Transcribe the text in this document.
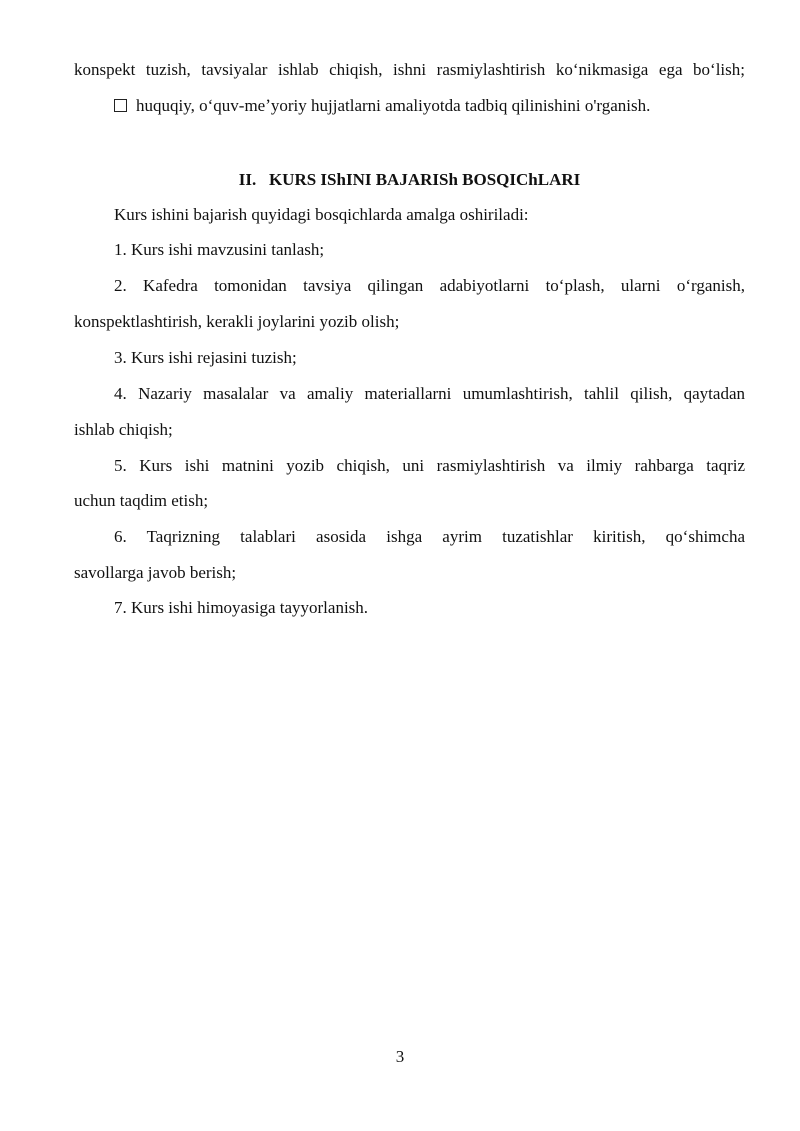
konspekt tuzish, tavsiyalar ishlab chiqish, ishni rasmiylashtirish koʻnikmasiga ega boʻlish;
huquqiy, oʻquv-meʼyoriy hujjatlarni amaliyotda tadbiq qilinishini o'rganish.
II.   KURS IShINI BAJARISh BOSQIChLARI
Kurs ishini bajarish quyidagi bosqichlarda amalga oshiriladi:
1. Kurs ishi mavzusini tanlash;
2. Kafedra tomonidan tavsiya qilingan adabiyotlarni toʻplash, ularni oʻrganish,
konspektlashtirish, kerakli joylarini yozib olish;
3. Kurs ishi rejasini tuzish;
4. Nazariy masalalar va amaliy materiallarni umumlashtirish, tahlil qilish, qaytadan
ishlab chiqish;
5. Kurs ishi matnini yozib chiqish, uni rasmiylashtirish va ilmiy rahbarga taqriz
uchun taqdim etish;
6. Taqrizning talablari asosida ishga ayrim tuzatishlar kiritish, qoʻshimcha
savollarga javob berish;
7. Kurs ishi himoyasiga tayyorlanish.
3
